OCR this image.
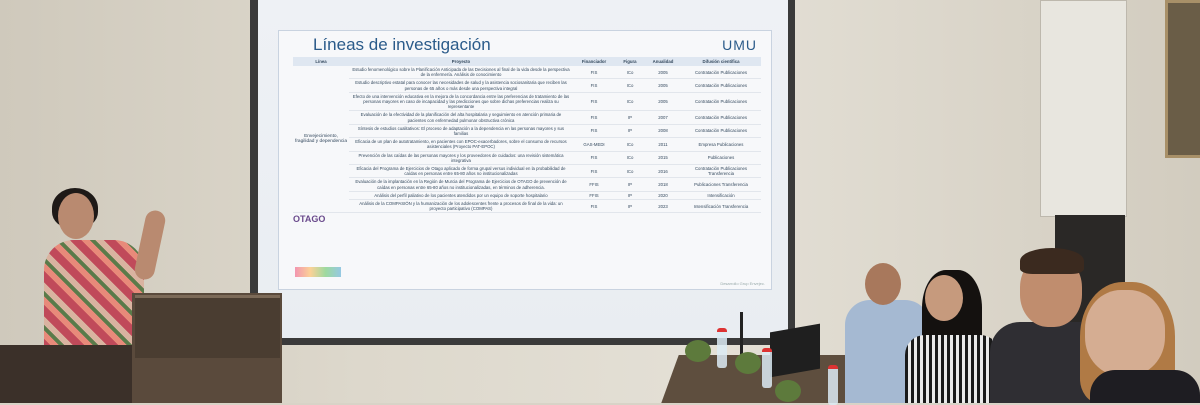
Líneas de investigación	UMU
Línea	Proyecto	Financiador	Figura	Anualidad	Difusión científica
Envejecimiento, fragilidad y dependencia	Estudio fenomenológico sobre la Planificación Anticipada de las Decisiones al final de la vida desde la perspectiva de la enfermería. Análisis de conocimiento	FIS	ICo	2005	Contratación Publicaciones
	Estudio descriptivo estatal para conocer las necesidades de salud y la asistencia sociosanitaria que reciben las personas de 65 años o más desde una perspectiva integral	FIS	ICo	2005	Contratación Publicaciones
	Efecto de una intervención educativa en la mejora de la concordancia entre las preferencias de tratamiento de las personas mayores en caso de incapacidad y las predicciones que sobre dichas preferencias realiza su representante	FIS	ICo	2005	Contratación Publicaciones
	Evaluación de la efectividad de la planificación del alta hospitalaria y seguimiento en atención primaria de pacientes con enfermedad pulmonar obstructiva crónica	FIS	IP	2007	Contratación Publicaciones
	Síntesis de estudios cualitativos: El proceso de adaptación a la dependencia en las personas mayores y sus familias	FIS	IP	2008	Contratación Publicaciones
	Eficacia de un plan de autotratamiento, en pacientes con EPOC-exacerbadores, sobre el consumo de recursos asistenciales (Proyecto PAT-EPOC)	GAS-MEDI	ICo	2011	Empresa Publicaciones
	Prevención de las caídas de las personas mayores y los proveedores de cuidados: una revisión sistemática integrativa	FIS	ICo	2015	Publicaciones
	Eficacia del Programa de Ejercicios de Otago aplicado de forma grupal versus individual en la probabilidad de caídas en personas entre 65-80 años no institucionalizadas	FIS	ICo	2016	Contratación Publicaciones Transferencia
	Evaluación de la implantación en la Región de Murcia del Programa de Ejercicios de OTAGO de prevención de caídas en personas entre 65-80 años no institucionalizadas, en términos de adherencia.	FFIS	IP	2018	Publicaciones Transferencia
	Análisis del perfil paliativo de los pacientes atendidos por un equipo de soporte hospitalario	FFIS	IP	2020	Intensificación
	Análisis de la COMPASIÓN y la humanización de los adolescentes frente a procesos de final de la vida: un proyecto participativo (COMPAS)	FIS	IP	2023	Intensificación Transferencia
OTAGO
Desarrollo Grup Envejec.
